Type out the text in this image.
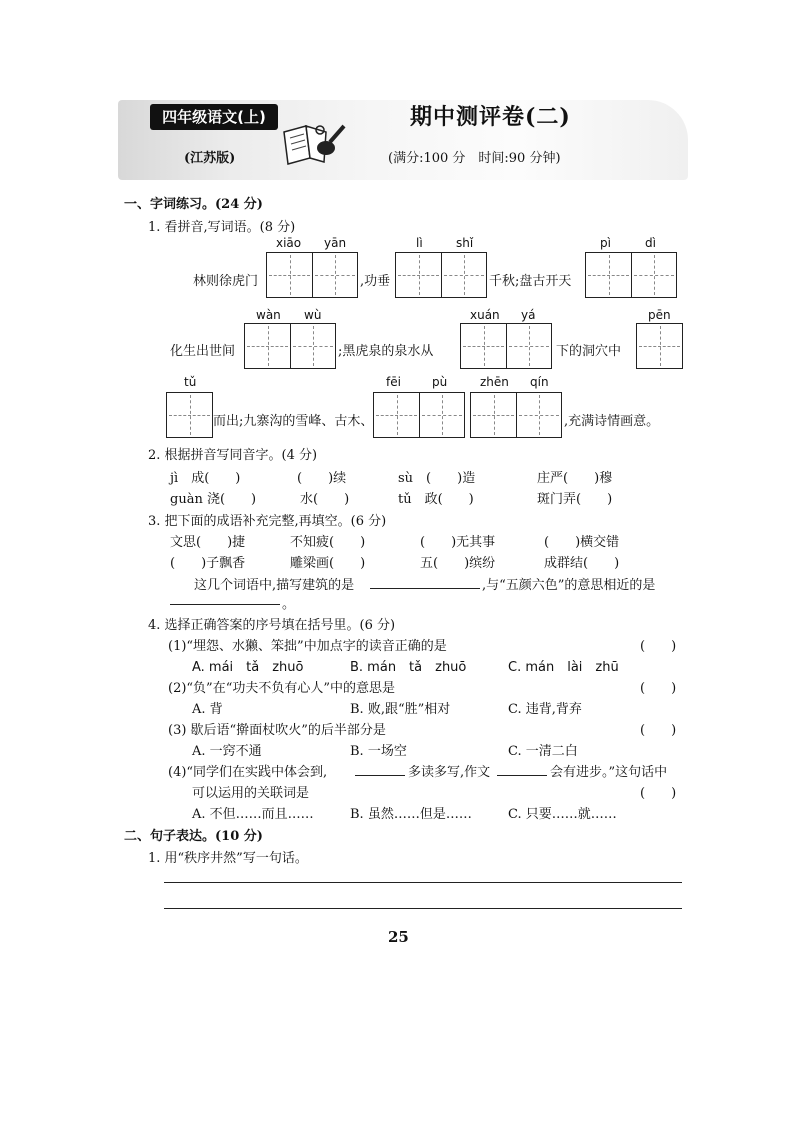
四年级语文(上)
(江苏版)
期中测评卷(二)
(满分:100 分　时间:90 分钟)
一、字词练习。(24 分)
1. 看拼音,写词语。(8 分)
xiāo yān
林则徐虎门	,功垂
lì	shǐ
千秋;盘古开天
pì	dì
wàn wù
化生出世间	;黑虎泉的泉水从
xuán yá
下的洞穴中
pēn
tǔ
而出;九寨沟的雪峰、古木、
fēi	pù	zhēn qín
,充满诗情画意。
2. 根据拼音写同音字。(4 分)
jì　成(　　)	(　　)续	sù　(　　)造	庄严(　　)穆
guàn 浇(　　)	水(　　)	tǔ　政(　　)	斑门弄(　　)
3. 把下面的成语补充完整,再填空。(6 分)
文思(　　)捷	不知疲(　　)	(　　)无其事	(　　)横交错
(　　)子飘香	雕梁画(　　)	五(　　)缤纷	成群结(　　)
这几个词语中,描写建筑的是	,与“五颜六色”的意思相近的是
。
4. 选择正确答案的序号填在括号里。(6 分)
(1)“埋怨、水獭、笨拙”中加点字的读音正确的是	(　　)
A. mái　tǎ　zhuō	B. mán　tǎ　zhuō	C. mán　lài　zhū
(2)“负”在“功夫不负有心人”中的意思是	(　　)
A. 背	B. 败,跟“胜”相对	C. 违背,背弃
(3) 歇后语“擀面杖吹火”的后半部分是	(　　)
A. 一窍不通	B. 一场空	C. 一清二白
(4)“同学们在实践中体会到,	多读多写,作文	会有进步。”这句话中
可以运用的关联词是	(　　)
A. 不但……而且……	B. 虽然……但是……	C. 只要……就……
二、句子表达。(10 分)
1. 用“秩序井然”写一句话。
25
